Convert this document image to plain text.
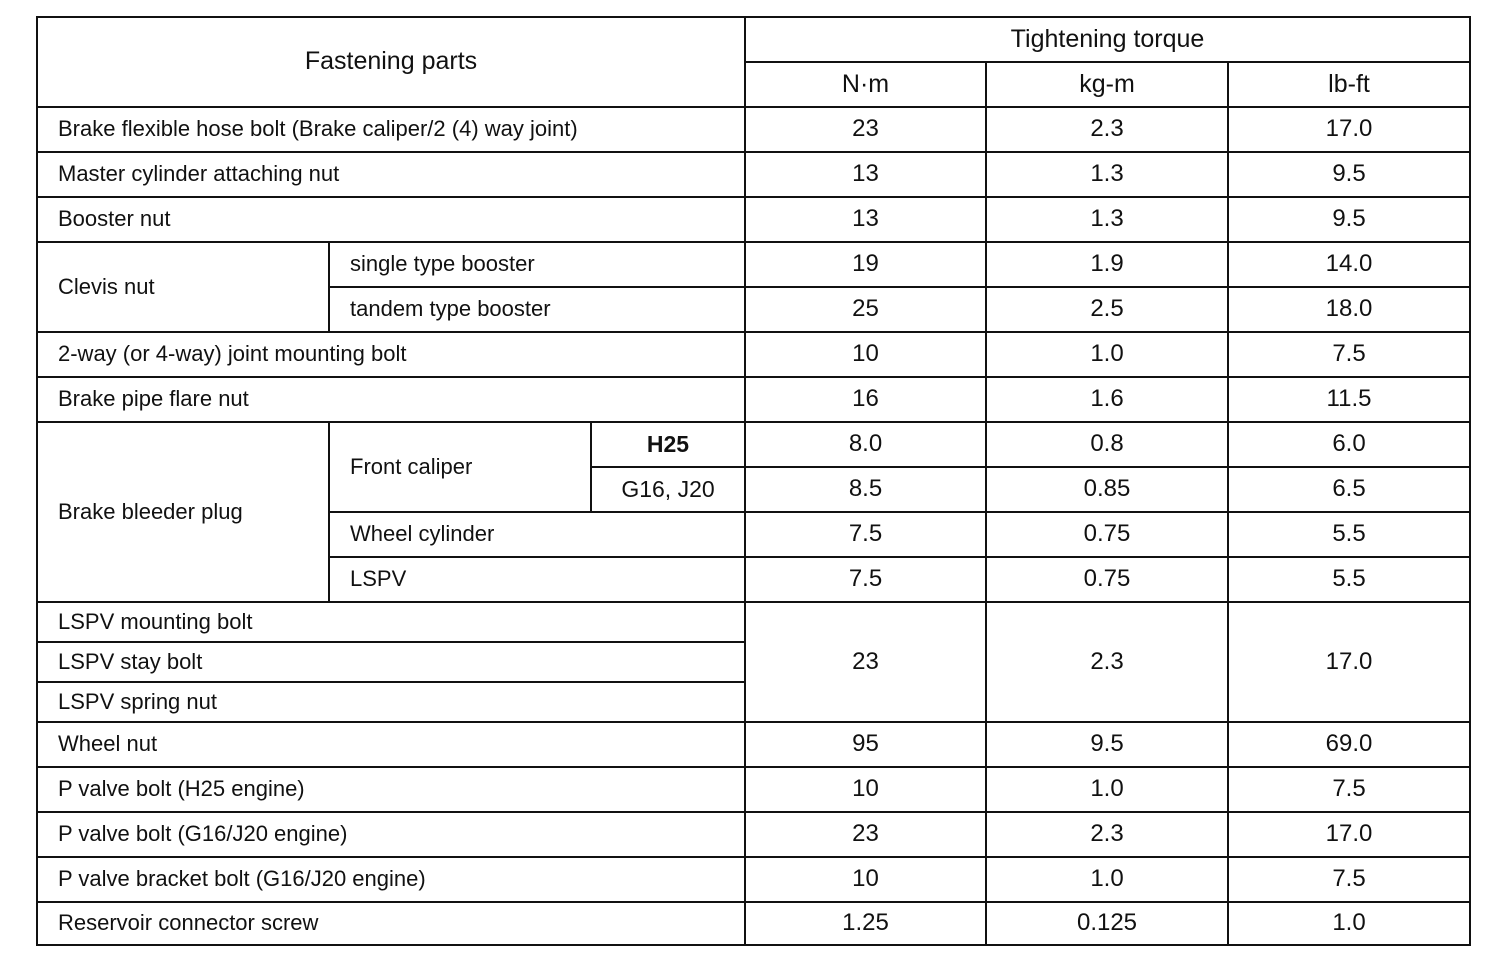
Fastening parts			Tightening torque		
			N·m	kg-m	lb-ft
Brake flexible hose bolt (Brake caliper/2 (4) way joint)			23	2.3	17.0
Master cylinder attaching nut			13	1.3	9.5
Booster nut			13	1.3	9.5
Clevis nut	single type booster		19	1.9	14.0
	tandem type booster		25	2.5	18.0
2-way (or 4-way) joint mounting bolt			10	1.0	7.5
Brake pipe flare nut			16	1.6	11.5
Brake bleeder plug	Front caliper	H25	8.0	0.8	6.0
		G16, J20	8.5	0.85	6.5
	Wheel cylinder		7.5	0.75	5.5
	LSPV		7.5	0.75	5.5
LSPV mounting bolt			23	2.3	17.0
LSPV stay bolt					
LSPV spring nut					
Wheel nut			95	9.5	69.0
P valve bolt (H25 engine)			10	1.0	7.5
P valve bolt (G16/J20 engine)			23	2.3	17.0
P valve bracket bolt (G16/J20 engine)			10	1.0	7.5
Reservoir connector screw			1.25	0.125	1.0
